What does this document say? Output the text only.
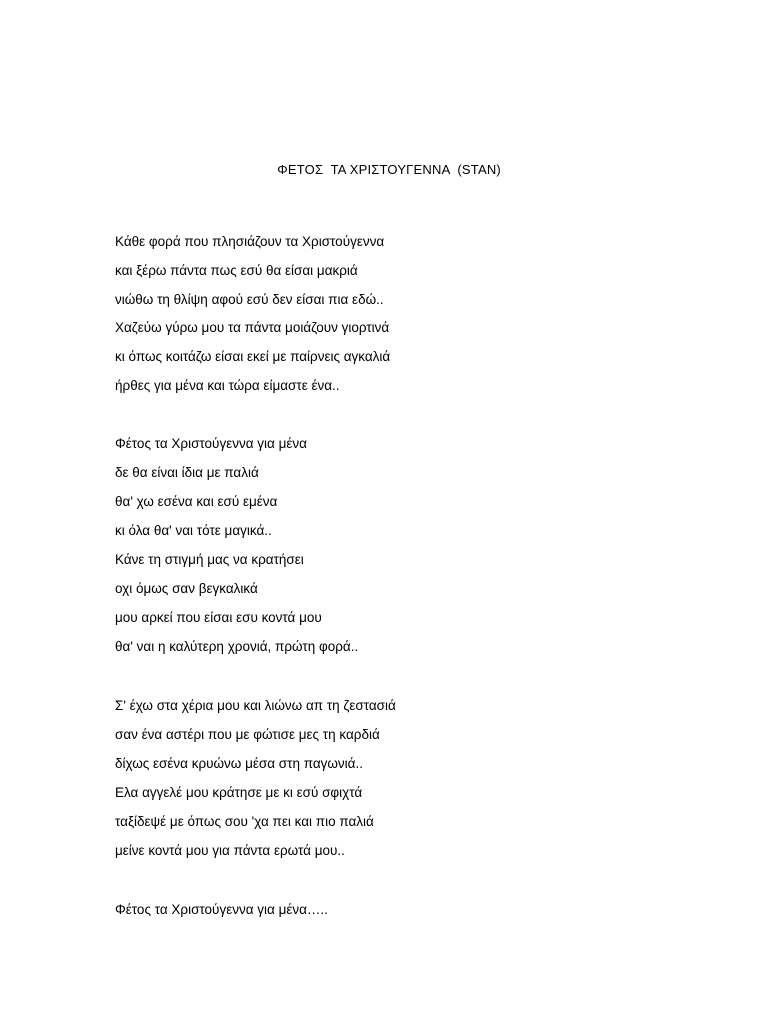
ΦΕΤΟΣ  ΤΑ ΧΡΙΣΤΟΥΓΕΝΝΑ  (STAN)

Κάθε φορά που πλησιάζουν τα Χριστούγεννα
και ξέρω πάντα πως εσύ θα είσαι μακριά
νιώθω τη θλίψη αφού εσύ δεν είσαι πια εδώ..
Χαζεύω γύρω μου τα πάντα μοιάζουν γιορτινά
κι όπως κοιτάζω είσαι εκεί με παίρνεις αγκαλιά
ήρθες για μένα και τώρα είμαστε ένα..
Φέτος τα Χριστούγεννα για μένα
δε θα είναι ίδια με παλιά
θα' χω εσένα και εσύ εμένα
κι όλα θα' ναι τότε μαγικά..
Κάνε τη στιγμή μας να κρατήσει
οχι όμως σαν βεγκαλικά
μου αρκεί που είσαι εσυ κοντά μου
θα' ναι η καλύτερη χρονιά, πρώτη φορά..
Σ' έχω στα χέρια μου και λιώνω απ τη ζεστασιά
σαν ένα αστέρι που με φώτισε μες τη καρδιά
δίχως εσένα κρυώνω μέσα στη παγωνιά..
Ελα αγγελέ μου κράτησε με κι εσύ σφιχτά
ταξίδεψέ με όπως σου 'χα πει και πιο παλιά
μείνε κοντά μου για πάντα ερωτά μου..
Φέτος τα Χριστούγεννα για μένα…..
